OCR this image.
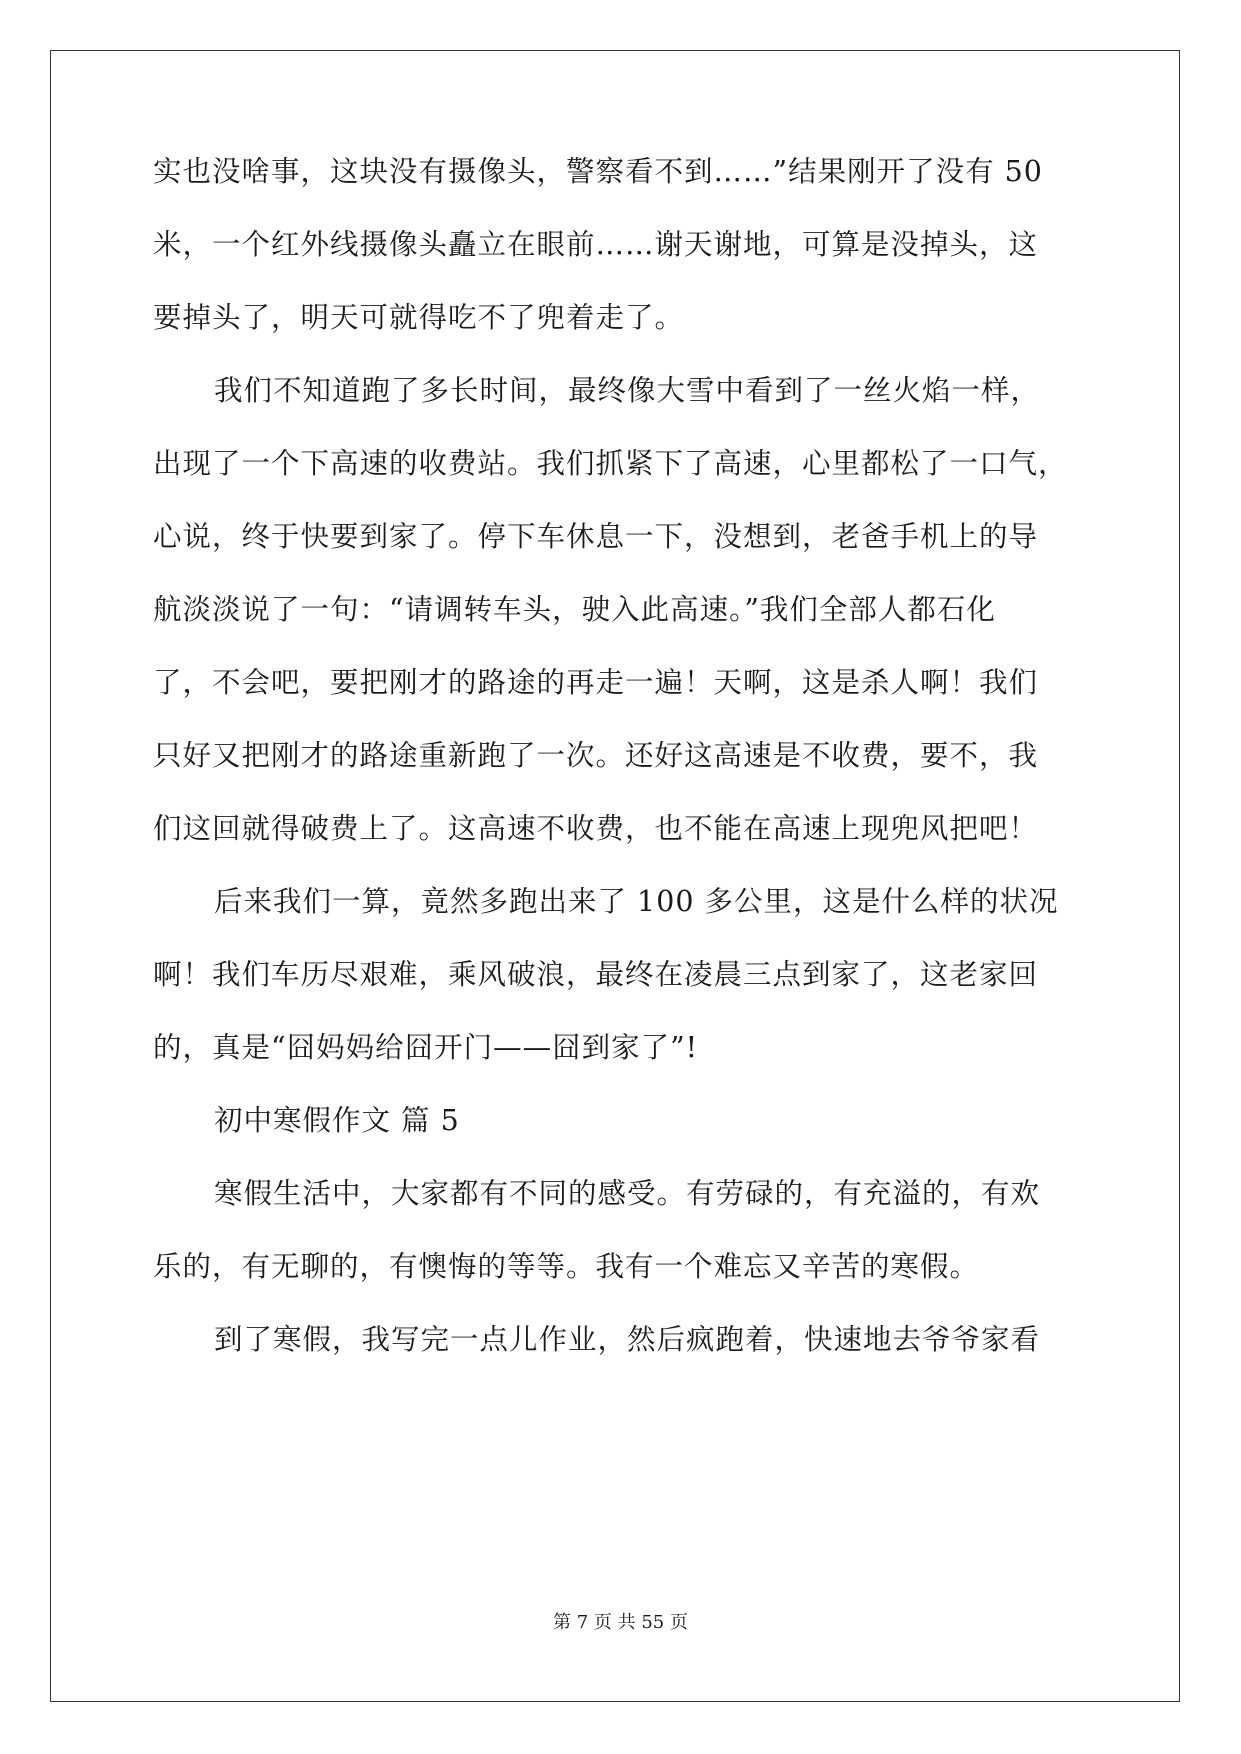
实也没啥事，这块没有摄像头，警察看不到……”结果刚开了没有 50
米，一个红外线摄像头矗立在眼前……谢天谢地，可算是没掉头，这
要掉头了，明天可就得吃不了兜着走了。
我们不知道跑了多长时间，最终像大雪中看到了一丝火焰一样，
出现了一个下高速的收费站。我们抓紧下了高速，心里都松了一口气，
心说，终于快要到家了。停下车休息一下，没想到，老爸手机上的导
航淡淡说了一句：“请调转车头，驶入此高速。”我们全部人都石化
了，不会吧，要把刚才的路途的再走一遍！天啊，这是杀人啊！我们
只好又把刚才的路途重新跑了一次。还好这高速是不收费，要不，我
们这回就得破费上了。这高速不收费，也不能在高速上现兜风把吧！
后来我们一算，竟然多跑出来了 100 多公里，这是什么样的状况
啊！我们车历尽艰难，乘风破浪，最终在凌晨三点到家了，这老家回
的，真是“囧妈妈给囧开门——囧到家了”!
初中寒假作文 篇 5
寒假生活中，大家都有不同的感受。有劳碌的，有充溢的，有欢
乐的，有无聊的，有懊悔的等等。我有一个难忘又辛苦的寒假。
到了寒假，我写完一点儿作业，然后疯跑着，快速地去爷爷家看
第 7 页 共 55 页
